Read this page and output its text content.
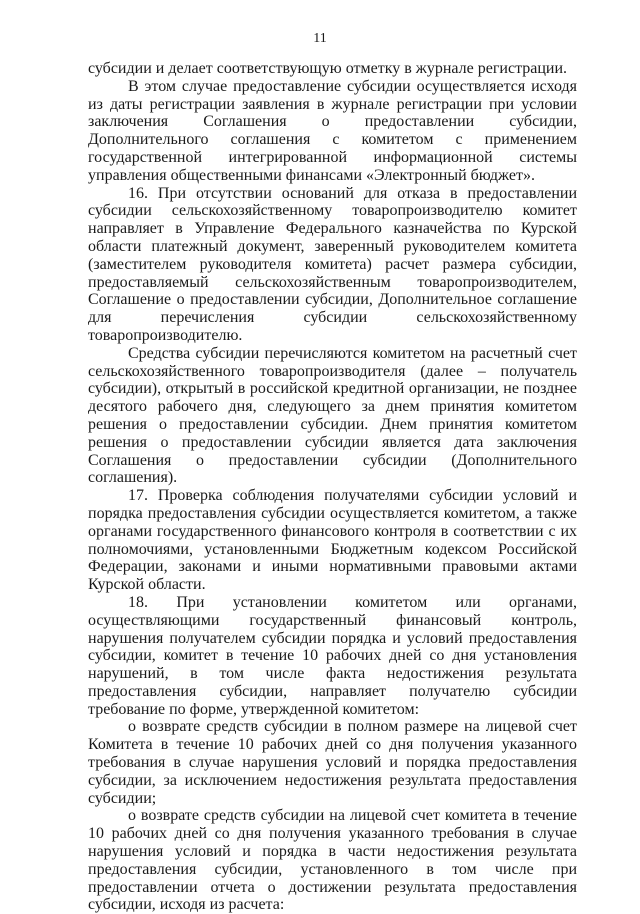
11

субсидии и делает соответствующую отметку в журнале регистрации.

В этом случае предоставление субсидии осуществляется исходя из даты регистрации заявления в журнале регистрации при условии заключения Соглашения о предоставлении субсидии, Дополнительного соглашения с комитетом с применением государственной интегрированной информационной системы управления общественными финансами «Электронный бюджет».

16. При отсутствии оснований для отказа в предоставлении субсидии сельскохозяйственному товаропроизводителю комитет направляет в Управление Федерального казначейства по Курской области платежный документ, заверенный руководителем комитета (заместителем руководителя комитета) расчет размера субсидии, предоставляемый сельскохозяйственным товаропроизводителем, Соглашение о предоставлении субсидии, Дополнительное соглашение для перечисления субсидии сельскохозяйственному товаропроизводителю.

Средства субсидии перечисляются комитетом на расчетный счет сельскохозяйственного товаропроизводителя (далее – получатель субсидии), открытый в российской кредитной организации, не позднее десятого рабочего дня, следующего за днем принятия комитетом решения о предоставлении субсидии. Днем принятия комитетом решения о предоставлении субсидии является дата заключения Соглашения о предоставлении субсидии (Дополнительного соглашения).

17. Проверка соблюдения получателями субсидии условий и порядка предоставления субсидии осуществляется комитетом, а также органами государственного финансового контроля в соответствии с их полномочиями, установленными Бюджетным кодексом Российской Федерации, законами и иными нормативными правовыми актами Курской области.

18. При установлении комитетом или органами, осуществляющими государственный финансовый контроль, нарушения получателем субсидии порядка и условий предоставления субсидии, комитет в течение 10 рабочих дней со дня установления нарушений, в том числе факта недостижения результата предоставления субсидии, направляет получателю субсидии требование по форме, утвержденной комитетом:

о возврате средств субсидии в полном размере на лицевой счет Комитета в течение 10 рабочих дней со дня получения указанного требования в случае нарушения условий и порядка предоставления субсидии, за исключением недостижения результата предоставления субсидии;

о возврате средств субсидии на лицевой счет комитета в течение 10 рабочих дней со дня получения указанного требования в случае нарушения условий и порядка в части недостижения результата предоставления субсидии, установленного в том числе при предоставлении отчета о достижении результата предоставления субсидии, исходя из расчета:
